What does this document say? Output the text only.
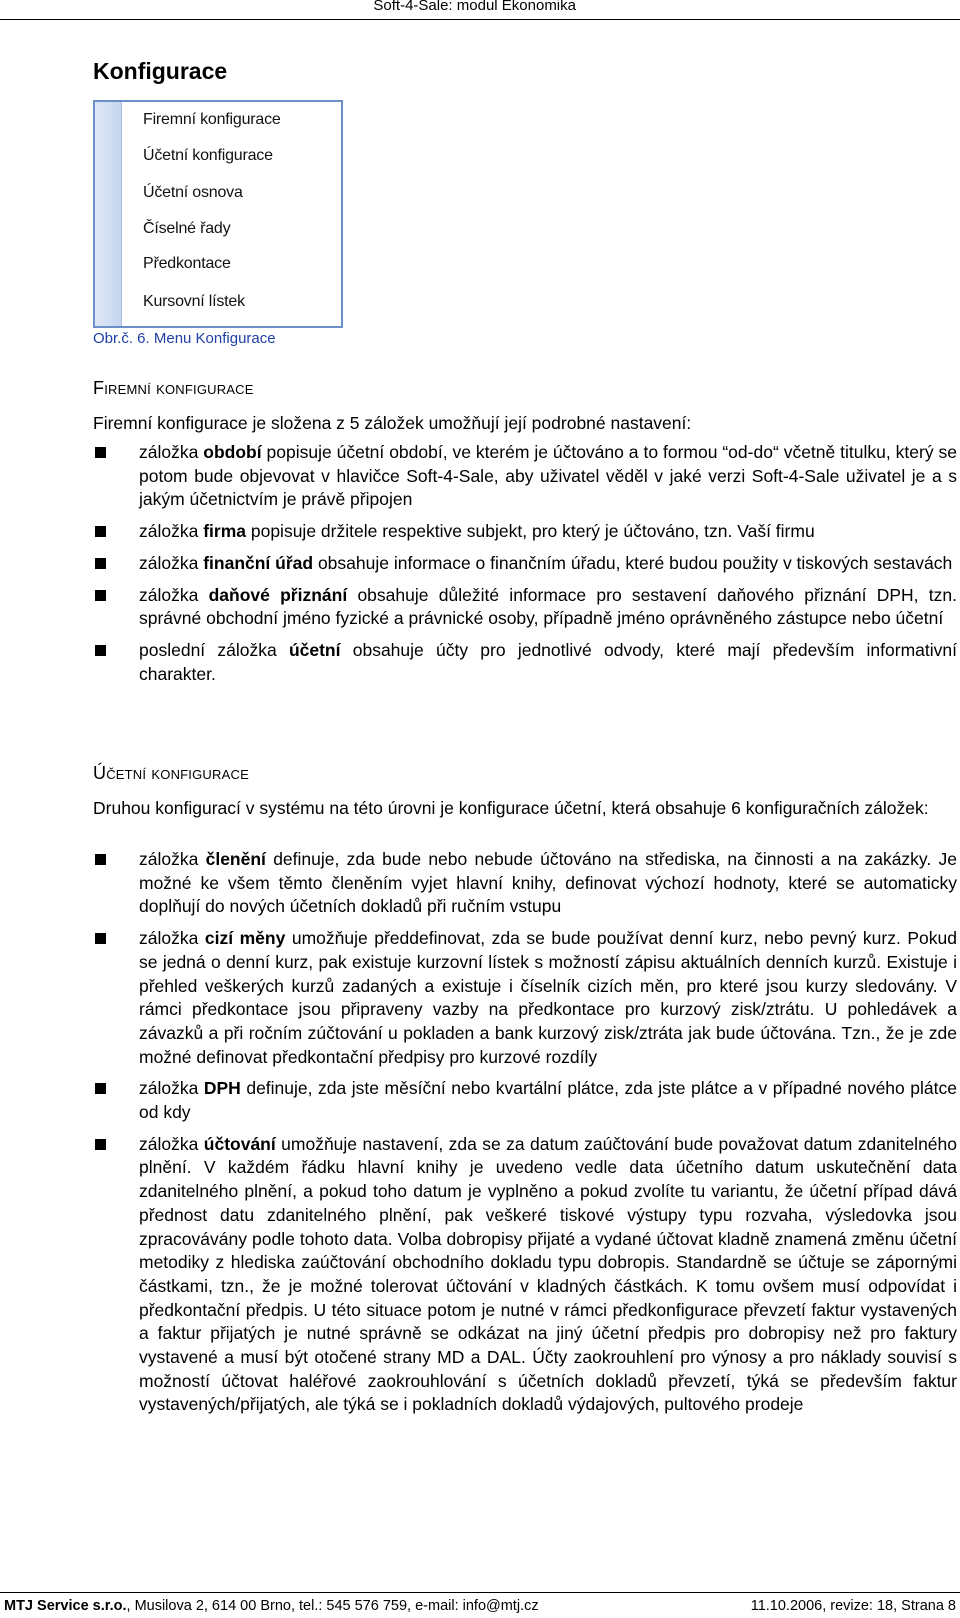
Soft-4-Sale: modul Ekonomika
Konfigurace
Firemní konfigurace
Účetní konfigurace
Účetní osnova
Číselné řady
Předkontace
Kursovní lístek
Obr.č. 6. Menu Konfigurace
Firemní konfigurace

Firemní konfigurace je složena z 5 záložek umožňují její podrobné nastavení:

záložka období popisuje účetní období, ve kterém je účtováno a to formou “od-do“ včetně titulku, který se potom bude objevovat v hlavičce Soft-4-Sale, aby uživatel věděl v jaké verzi Soft-4-Sale uživatel je a s jakým účetnictvím je právě připojen
záložka firma popisuje držitele respektive subjekt, pro který je účtováno, tzn. Vaší firmu
záložka finanční úřad obsahuje informace o finančním úřadu, které budou použity v tiskových sestavách
záložka daňové přiznání obsahuje důležité informace pro sestavení daňového přiznání DPH, tzn. správné obchodní jméno fyzické a právnické osoby, případně jméno oprávněného zástupce nebo účetní
poslední záložka účetní obsahuje účty pro jednotlivé odvody, které mají především informativní charakter.
Účetní konfigurace

Druhou konfigurací v systému na této úrovni je konfigurace účetní, která obsahuje 6 konfiguračních záložek:

záložka členění definuje, zda bude nebo nebude účtováno na střediska, na činnosti a na zakázky. Je možné ke všem těmto členěním vyjet hlavní knihy, definovat výchozí hodnoty, které se automaticky doplňují do nových účetních dokladů při ručním vstupu
záložka cizí měny umožňuje předdefinovat, zda se bude používat denní kurz, nebo pevný kurz. Pokud se jedná o denní kurz, pak existuje kurzovní lístek s možností zápisu aktuálních denních kurzů. Existuje i přehled veškerých kurzů zadaných a existuje i číselník cizích měn, pro které jsou kurzy sledovány. V rámci předkontace jsou připraveny vazby na předkontace pro kurzový zisk/ztrátu. U pohledávek a závazků a při ročním zúčtování u pokladen a bank kurzový zisk/ztráta jak bude účtována. Tzn., že je zde možné definovat předkontační předpisy pro kurzové rozdíly
záložka DPH definuje, zda jste měsíční nebo kvartální plátce, zda jste plátce a v případné nového plátce od kdy
záložka účtování umožňuje nastavení, zda se za datum zaúčtování bude považovat datum zdanitelného plnění. V každém řádku hlavní knihy je uvedeno vedle data účetního datum uskutečnění data zdanitelného plnění, a pokud toho datum je vyplněno a pokud zvolíte tu variantu, že účetní případ dává přednost datu zdanitelného plnění, pak veškeré tiskové výstupy typu rozvaha, výsledovka jsou zpracovávány podle tohoto data. Volba dobropisy přijaté a vydané účtovat kladně znamená změnu účetní metodiky z hlediska zaúčtování obchodního dokladu typu dobropis. Standardně se účtuje se zápornými částkami, tzn., že je možné tolerovat účtování v kladných částkách. K tomu ovšem musí odpovídat i předkontační předpis. U této situace potom je nutné v rámci předkonfigurace převzetí faktur vystavených a faktur přijatých je nutné správně se odkázat na jiný účetní předpis pro dobropisy než pro faktury vystavené a musí být otočené strany MD a DAL. Účty zaokrouhlení pro výnosy a pro náklady souvisí s možností účtovat haléřové zaokrouhlování s účetních dokladů převzetí, týká se především faktur vystavených/přijatých, ale týká se i pokladních dokladů výdajových, pultového prodeje
MTJ Service s.r.o., Musilova 2, 614 00 Brno, tel.: 545 576 759, e-mail: info@mtj.cz	11.10.2006, revize: 18, Strana 8
